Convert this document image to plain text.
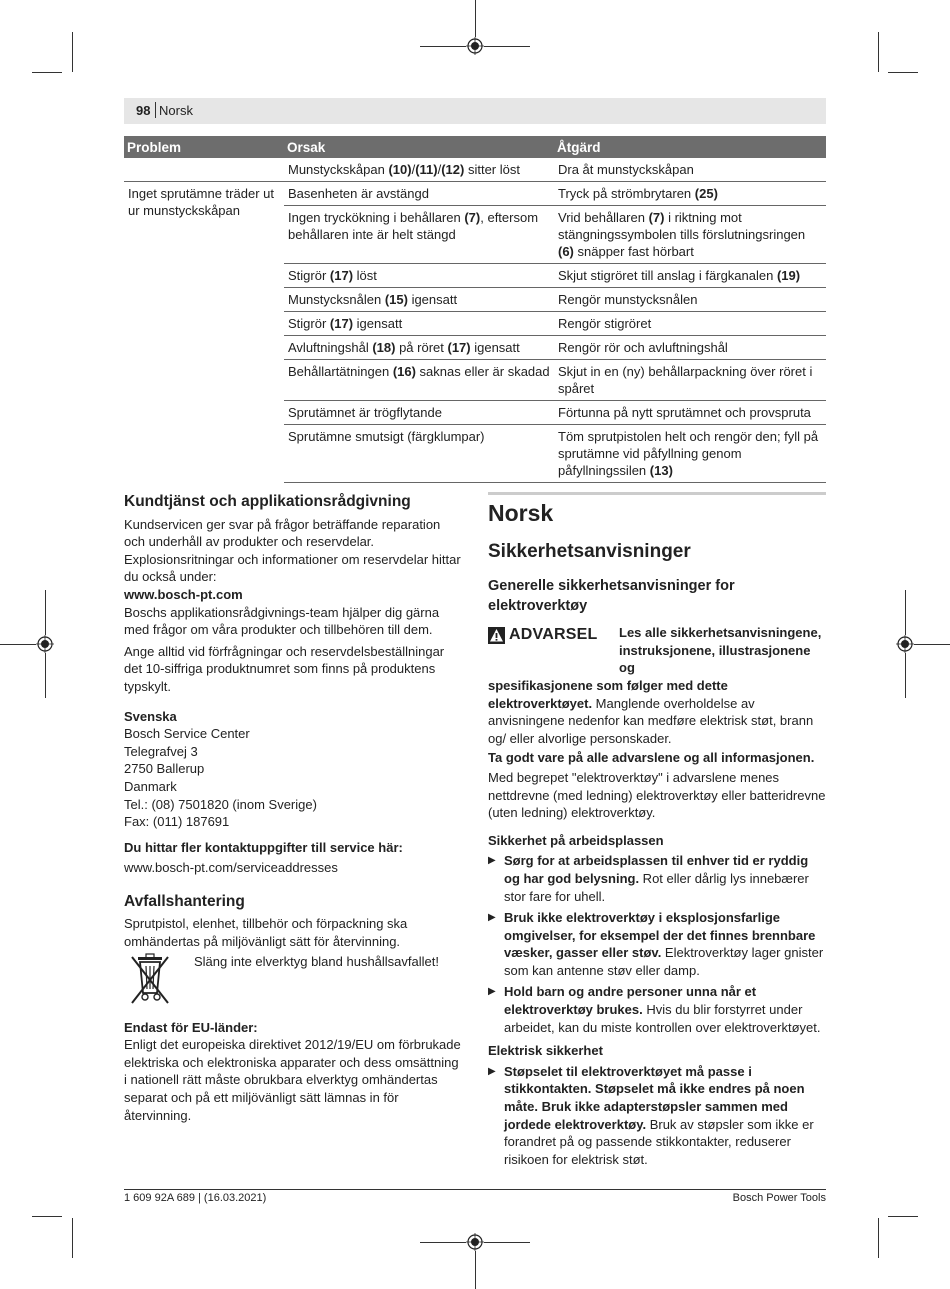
98 Norsk
Problem	Orsak	Åtgärd
	Munstyckskåpan (10)/(11)/(12) sitter löst	Dra åt munstyckskåpan
Inget sprutämne träder ut ur munstyckskåpan	Basenheten är avstängd	Tryck på strömbrytaren (25)
	Ingen tryckökning i behållaren (7), eftersom behållaren inte är helt stängd	Vrid behållaren (7) i riktning mot stängningssymbolen tills förslutningsringen (6) snäpper fast hörbart
	Stigrör (17) löst	Skjut stigröret till anslag i färgkanalen (19)
	Munstycksnålen (15) igensatt	Rengör munstycksnålen
	Stigrör (17) igensatt	Rengör stigröret
	Avluftningshål (18) på röret (17) igensatt	Rengör rör och avluftningshål
	Behållartätningen (16) saknas eller är skadad	Skjut in en (ny) behållarpackning över röret i spåret
	Sprutämnet är trögflytande	Förtunna på nytt sprutämnet och provspruta
	Sprutämne smutsigt (färgklumpar)	Töm sprutpistolen helt och rengör den; fyll på sprutämne vid påfyllning genom påfyllningssilen (13)
Kundtjänst och applikationsrådgivning

Kundservicen ger svar på frågor beträffande reparation och underhåll av produkter och reservdelar. Explosionsritningar och informationer om reservdelar hittar du också under:
www.bosch-pt.com
Boschs applikationsrådgivnings-team hjälper dig gärna med frågor om våra produkter och tillbehören till dem.

Ange alltid vid förfrågningar och reservdelsbeställningar det 10-siffriga produktnumret som finns på produktens typskylt.

Svenska
Bosch Service Center
Telegrafvej 3
2750 Ballerup
Danmark
Tel.: (08) 7501820 (inom Sverige)
Fax: (011) 187691
Du hittar fler kontaktuppgifter till service här:

www.bosch-pt.com/serviceaddresses

Avfallshantering

Sprutpistol, elenhet, tillbehör och förpackning ska omhändertas på miljövänligt sätt för återvinning.

Släng inte elverktyg bland hushållsavfallet!
Endast för EU-länder:

Enligt det europeiska direktivet 2012/19/EU om förbrukade elektriska och elektroniska apparater och dess omsättning i nationell rätt måste obrukbara elverktyg omhändertas separat och på ett miljövänligt sätt lämnas in för återvinning.

Norsk
Sikkerhetsanvisninger
Generelle sikkerhetsanvisninger for elektroverktøy
ADVARSEL Les alle sikkerhetsanvisningene, instruksjonene, illustrasjonene og

spesifikasjonene som følger med dette elektroverktøyet. Manglende overholdelse av anvisningene nedenfor kan medføre elektrisk støt, brann og/ eller alvorlige personskader.

Ta godt vare på alle advarslene og all informasjonen.

Med begrepet "elektroverktøy" i advarslene menes nettdrevne (med ledning) elektroverktøy eller batteridrevne (uten ledning) elektroverktøy.

Sikkerhet på arbeidsplassen
▶ Sørg for at arbeidsplassen til enhver tid er ryddig og har god belysning. Rot eller dårlig lys innebærer stor fare for uhell.
▶ Bruk ikke elektroverktøy i eksplosjonsfarlige omgivelser, for eksempel der det finnes brennbare væsker, gasser eller støv. Elektroverktøy lager gnister som kan antenne støv eller damp.
▶ Hold barn og andre personer unna når et elektroverktøy brukes. Hvis du blir forstyrret under arbeidet, kan du miste kontrollen over elektroverktøyet.
Elektrisk sikkerhet
▶ Støpselet til elektroverktøyet må passe i stikkontakten. Støpselet må ikke endres på noen måte. Bruk ikke adapterstøpsler sammen med jordede elektroverktøy. Bruk av støpsler som ikke er forandret på og passende stikkontakter, reduserer risikoen for elektrisk støt.
1 609 92A 689 | (16.03.2021)	Bosch Power Tools
